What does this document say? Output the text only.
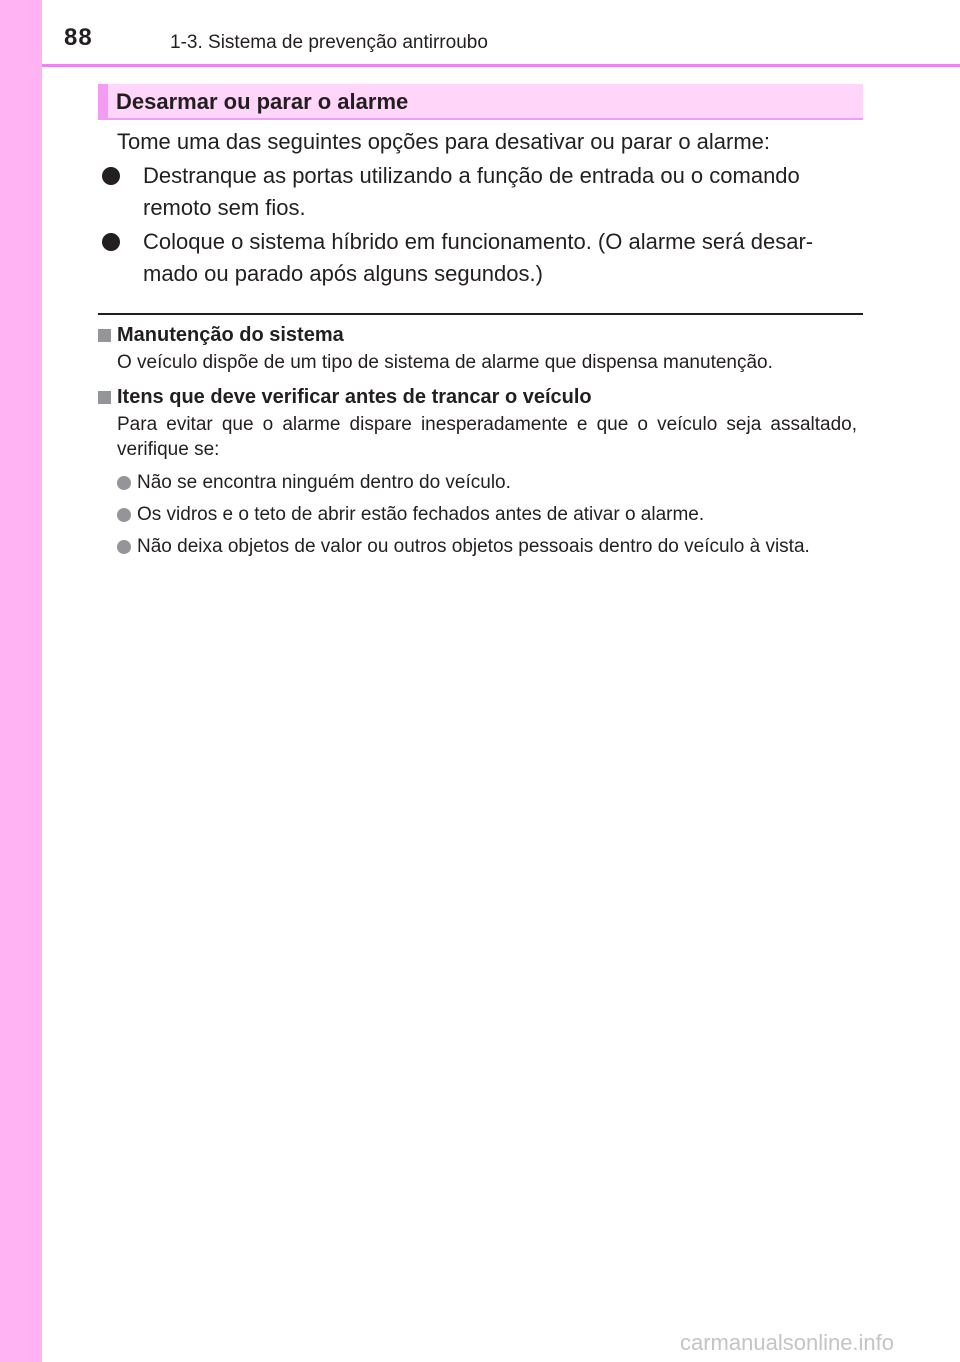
88	1-3. Sistema de prevenção antirroubo
Desarmar ou parar o alarme
Tome uma das seguintes opções para desativar ou parar o alarme:
Destranque as portas utilizando a função de entrada ou o comando remoto sem fios.
Coloque o sistema híbrido em funcionamento. (O alarme será desar-mado ou parado após alguns segundos.)
Manutenção do sistema
O veículo dispõe de um tipo de sistema de alarme que dispensa manutenção.
Itens que deve verificar antes de trancar o veículo
Para evitar que o alarme dispare inesperadamente e que o veículo seja assaltado, verifique se:
Não se encontra ninguém dentro do veículo.
Os vidros e o teto de abrir estão fechados antes de ativar o alarme.
Não deixa objetos de valor ou outros objetos pessoais dentro do veículo à vista.
carmanualsonline.info
